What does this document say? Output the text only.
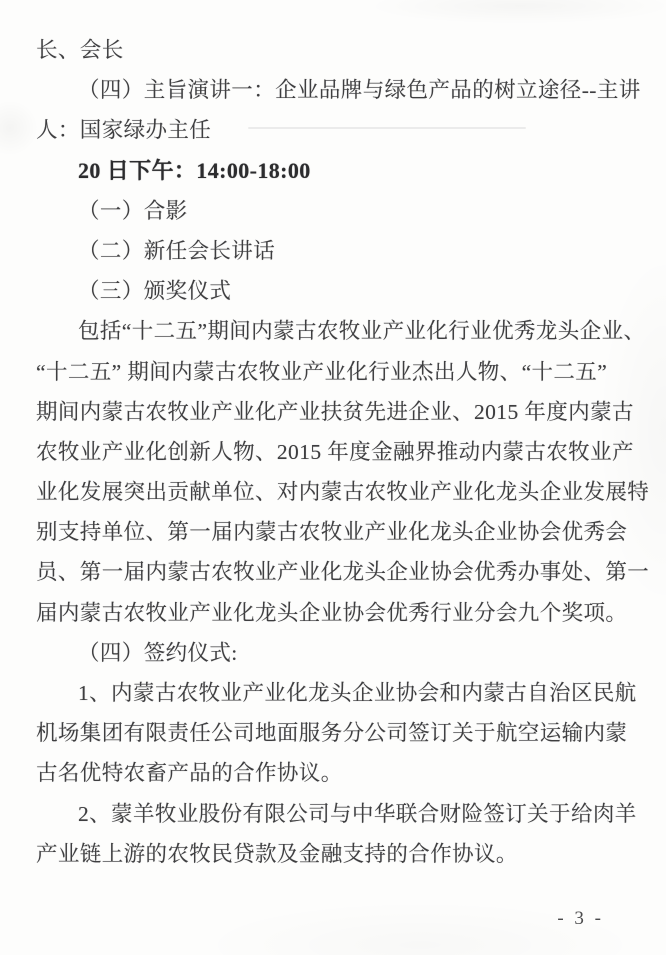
长、会长
（四）主旨演讲一：企业品牌与绿色产品的树立途径--主讲
人：国家绿办主任
20 日下午：14:00-18:00
（一）合影
（二）新任会长讲话
（三）颁奖仪式
包括“十二五”期间内蒙古农牧业产业化行业优秀龙头企业、
“十二五” 期间内蒙古农牧业产业化行业杰出人物、“十二五”
期间内蒙古农牧业产业化产业扶贫先进企业、2015 年度内蒙古
农牧业产业化创新人物、2015 年度金融界推动内蒙古农牧业产
业化发展突出贡献单位、对内蒙古农牧业产业化龙头企业发展特
别支持单位、第一届内蒙古农牧业产业化龙头企业协会优秀会
员、第一届内蒙古农牧业产业化龙头企业协会优秀办事处、第一
届内蒙古农牧业产业化龙头企业协会优秀行业分会九个奖项。
（四）签约仪式:
1、内蒙古农牧业产业化龙头企业协会和内蒙古自治区民航
机场集团有限责任公司地面服务分公司签订关于航空运输内蒙
古名优特农畜产品的合作协议。
2、蒙羊牧业股份有限公司与中华联合财险签订关于给肉羊
产业链上游的农牧民贷款及金融支持的合作协议。
- 3 -
